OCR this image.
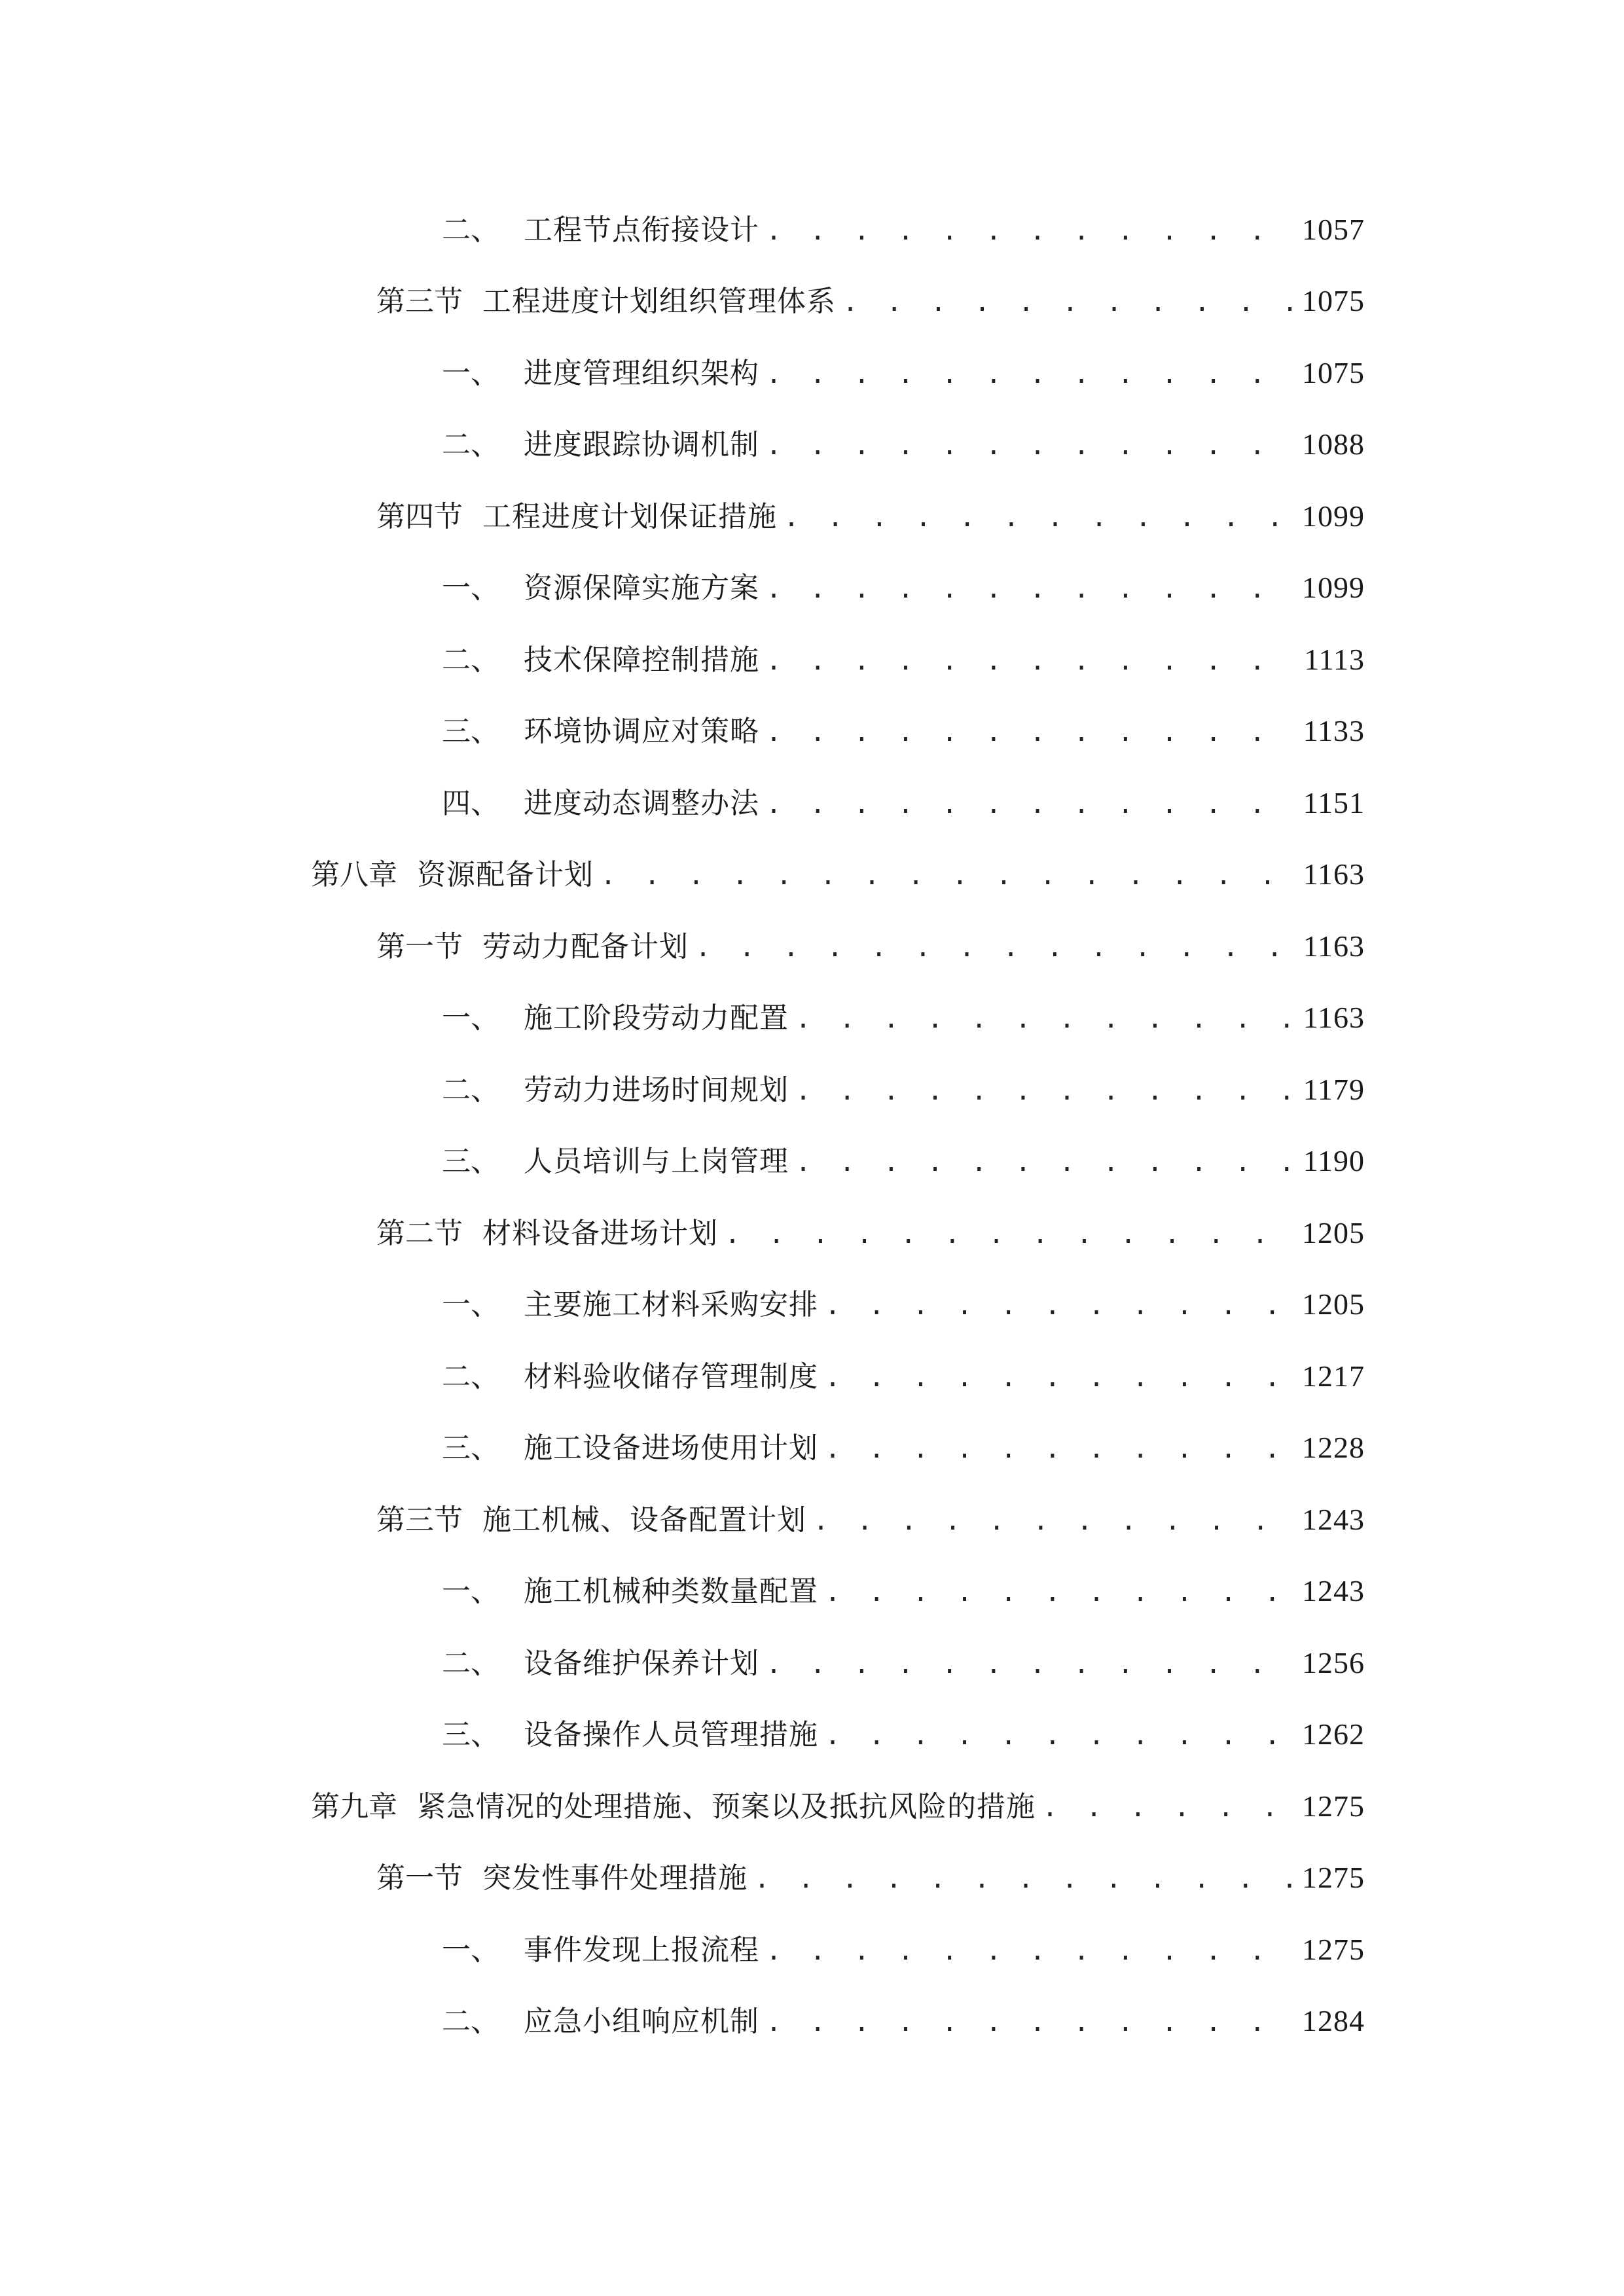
二、 工程节点衔接设计 . . .	1057
第三节 工程进度计划组织管理体系 . . .	1075
一、 进度管理组织架构 . . .	1075
二、 进度跟踪协调机制 . . .	1088
第四节 工程进度计划保证措施 . . .	1099
一、 资源保障实施方案 . . .	1099
二、 技术保障控制措施 . . .	1113
三、 环境协调应对策略 . . .	1133
四、 进度动态调整办法 . . .	1151
第八章 资源配备计划 . . .	1163
第一节 劳动力配备计划 . . .	1163
一、 施工阶段劳动力配置 . . .	1163
二、 劳动力进场时间规划 . . .	1179
三、 人员培训与上岗管理 . . .	1190
第二节 材料设备进场计划 . . .	1205
一、 主要施工材料采购安排 . . .	1205
二、 材料验收储存管理制度 . . .	1217
三、 施工设备进场使用计划 . . .	1228
第三节 施工机械、设备配置计划 . . .	1243
一、 施工机械种类数量配置 . . .	1243
二、 设备维护保养计划 . . .	1256
三、 设备操作人员管理措施 . . .	1262
第九章 紧急情况的处理措施、预案以及抵抗风险的措施 . . .	1275
第一节 突发性事件处理措施 . . .	1275
一、 事件发现上报流程 . . .	1275
二、 应急小组响应机制 . . .	1284
